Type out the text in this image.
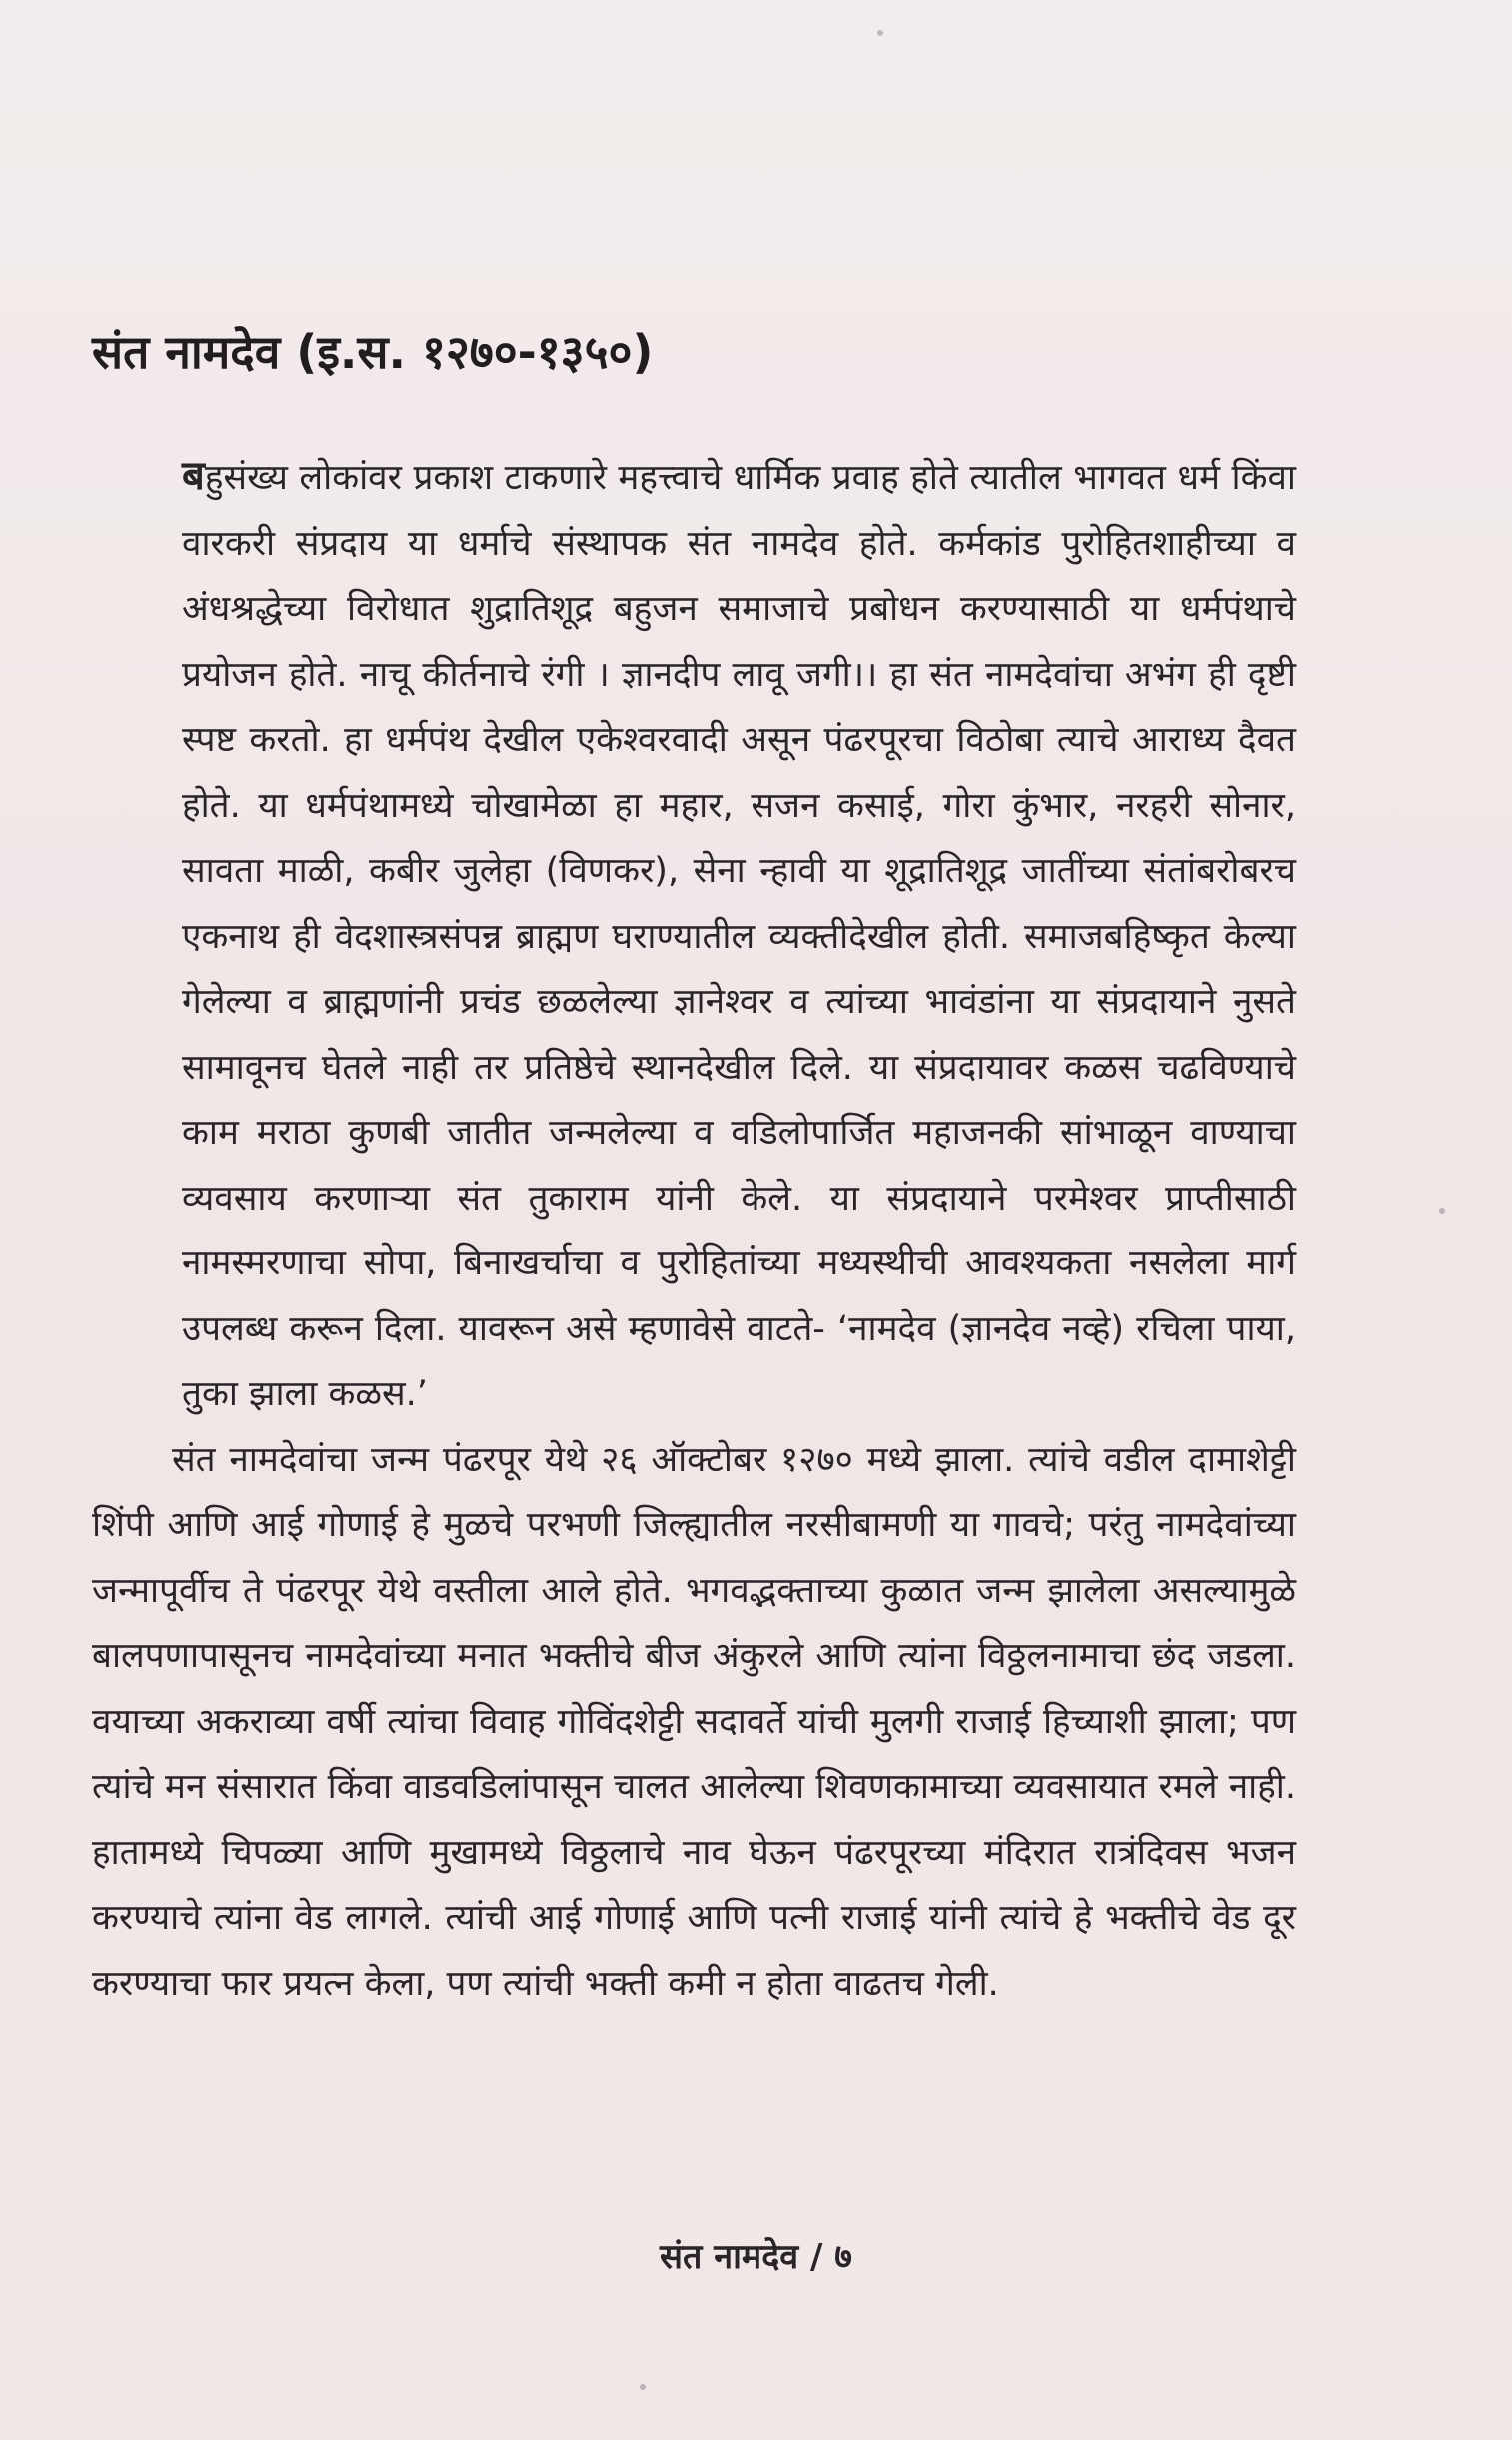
संत नामदेव (इ.स. १२७०-१३५०)

बहुसंख्य लोकांवर प्रकाश टाकणारे महत्त्वाचे धार्मिक प्रवाह होते त्यातील भागवत धर्म किंवा वारकरी संप्रदाय या धर्माचे संस्थापक संत नामदेव होते. कर्मकांड पुरोहितशाहीच्या व अंधश्रद्धेच्या विरोधात शुद्रातिशूद्र बहुजन समाजाचे प्रबोधन करण्यासाठी या धर्मपंथाचे प्रयोजन होते. नाचू कीर्तनाचे रंगी । ज्ञानदीप लावू जगी।। हा संत नामदेवांचा अभंग ही दृष्टी स्पष्ट करतो. हा धर्मपंथ देखील एकेश्वरवादी असून पंढरपूरचा विठोबा त्याचे आराध्य दैवत होते. या धर्मपंथामध्ये चोखामेळा हा महार, सजन कसाई, गोरा कुंभार, नरहरी सोनार, सावता माळी, कबीर जुलेहा (विणकर), सेना न्हावी या शूद्रातिशूद्र जातींच्या संतांबरोबरच एकनाथ ही वेदशास्त्रसंपन्न ब्राह्मण घराण्यातील व्यक्तीदेखील होती. समाजबहिष्कृत केल्या गेलेल्या व ब्राह्मणांनी प्रचंड छळलेल्या ज्ञानेश्वर व त्यांच्या भावंडांना या संप्रदायाने नुसते सामावूनच घेतले नाही तर प्रतिष्ठेचे स्थानदेखील दिले. या संप्रदायावर कळस चढविण्याचे काम मराठा कुणबी जातीत जन्मलेल्या व वडिलोपार्जित महाजनकी सांभाळून वाण्याचा व्यवसाय करणाऱ्या संत तुकाराम यांनी केले. या संप्रदायाने परमेश्वर प्राप्तीसाठी नामस्मरणाचा सोपा, बिनाखर्चाचा व पुरोहितांच्या मध्यस्थीची आवश्यकता नसलेला मार्ग उपलब्ध करून दिला. यावरून असे म्हणावेसे वाटते- ‘नामदेव (ज्ञानदेव नव्हे) रचिला पाया, तुका झाला कळस.’

संत नामदेवांचा जन्म पंढरपूर येथे २६ ऑक्टोबर १२७० मध्ये झाला. त्यांचे वडील दामाशेट्टी शिंपी आणि आई गोणाई हे मुळचे परभणी जिल्ह्यातील नरसीबामणी या गावचे; परंतु नामदेवांच्या जन्मापूर्वीच ते पंढरपूर येथे वस्तीला आले होते. भगवद्भक्ताच्या कुळात जन्म झालेला असल्यामुळे बालपणापासूनच नामदेवांच्या मनात भक्तीचे बीज अंकुरले आणि त्यांना विठ्ठलनामाचा छंद जडला. वयाच्या अकराव्या वर्षी त्यांचा विवाह गोविंदशेट्टी सदावर्ते यांची मुलगी राजाई हिच्याशी झाला; पण त्यांचे मन संसारात किंवा वाडवडिलांपासून चालत आलेल्या शिवणकामाच्या व्यवसायात रमले नाही. हातामध्ये चिपळ्या आणि मुखामध्ये विठ्ठलाचे नाव घेऊन पंढरपूरच्या मंदिरात रात्रंदिवस भजन करण्याचे त्यांना वेड लागले. त्यांची आई गोणाई आणि पत्नी राजाई यांनी त्यांचे हे भक्तीचे वेड दूर करण्याचा फार प्रयत्न केला, पण त्यांची भक्ती कमी न होता वाढतच गेली.

संत नामदेव / ७
